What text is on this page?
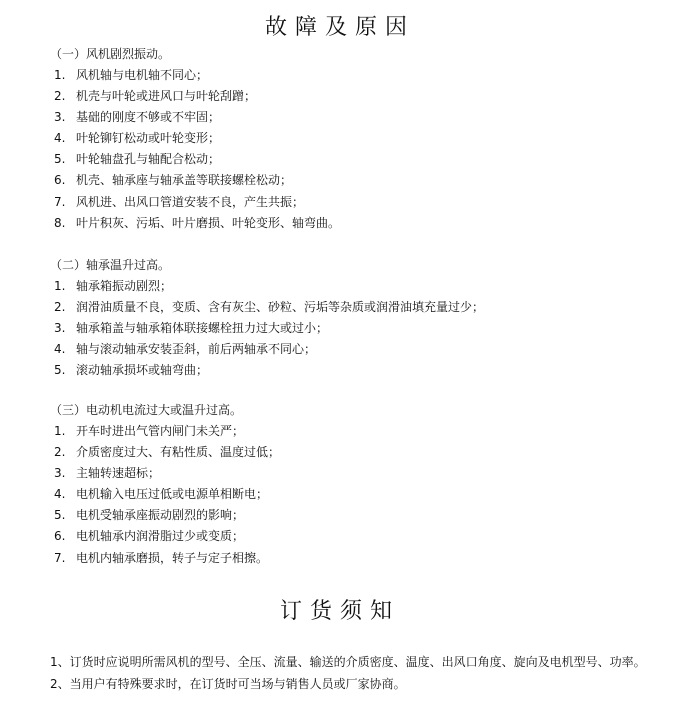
故障及原因
（一）风机剧烈振动。
1. 风机轴与电机轴不同心；
2. 机壳与叶轮或进风口与叶轮刮蹭；
3. 基础的刚度不够或不牢固；
4. 叶轮铆钉松动或叶轮变形；
5. 叶轮轴盘孔与轴配合松动；
6. 机壳、轴承座与轴承盖等联接螺栓松动；
7. 风机进、出风口管道安装不良，产生共振；
8. 叶片积灰、污垢、叶片磨损、叶轮变形、轴弯曲。
（二）轴承温升过高。
1. 轴承箱振动剧烈；
2. 润滑油质量不良，变质、含有灰尘、砂粒、污垢等杂质或润滑油填充量过少；
3. 轴承箱盖与轴承箱体联接螺栓扭力过大或过小；
4. 轴与滚动轴承安装歪斜，前后两轴承不同心；
5. 滚动轴承损坏或轴弯曲；
（三）电动机电流过大或温升过高。
1. 开车时进出气管内闸门未关严；
2. 介质密度过大、有粘性质、温度过低；
3. 主轴转速超标；
4. 电机输入电压过低或电源单相断电；
5. 电机受轴承座振动剧烈的影响；
6. 电机轴承内润滑脂过少或变质；
7. 电机内轴承磨损，转子与定子相擦。
订货须知

1、订货时应说明所需风机的型号、全压、流量、输送的介质密度、温度、出风口角度、旋向及电机型号、功率。

2、当用户有特殊要求时，在订货时可当场与销售人员或厂家协商。
